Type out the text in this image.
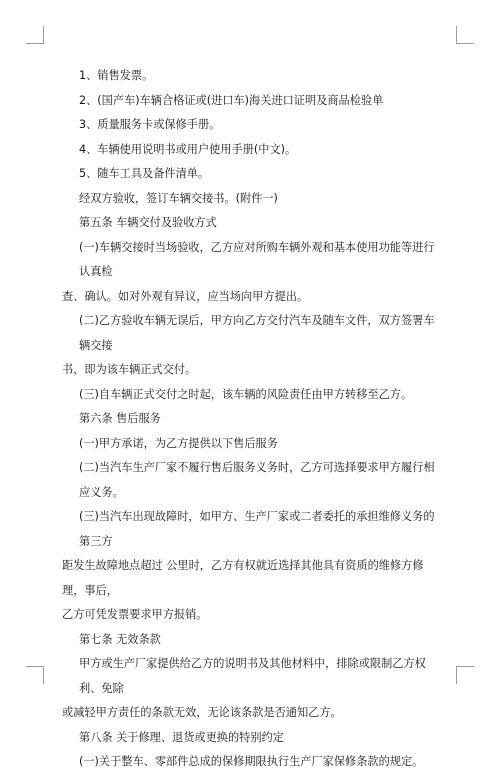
1、销售发票。

2、(国产车)车辆合格证或(进口车)海关进口证明及商品检验单

3、质量服务卡或保修手册。

4、车辆使用说明书或用户使用手册(中文)。

5、随车工具及备件清单。

经双方验收，签订车辆交接书。(附件一)

第五条 车辆交付及验收方式

(一)车辆交接时当场验收，乙方应对所购车辆外观和基本使用功能等进行认真检

查、确认。如对外观有异议，应当场向甲方提出。

(二)乙方验收车辆无误后，甲方向乙方交付汽车及随车文件，双方签署车辆交接

书，即为该车辆正式交付。

(三)自车辆正式交付之时起，该车辆的风险责任由甲方转移至乙方。

第六条 售后服务

(一)甲方承诺，为乙方提供以下售后服务

(二)当汽车生产厂家不履行售后服务义务时，乙方可选择要求甲方履行相应义务。

(三)当汽车出现故障时，如甲方、生产厂家或二者委托的承担维修义务的第三方

距发生故障地点超过 公里时，乙方有权就近选择其他具有资质的维修方修理，事后，

乙方可凭发票要求甲方报销。

第七条 无效条款

甲方或生产厂家提供给乙方的说明书及其他材料中，排除或限制乙方权利、免除

或减轻甲方责任的条款无效，无论该条款是否通知乙方。

第八条 关于修理、退货或更换的特别约定

(一)关于整车、零部件总成的保修期限执行生产厂家保修条款的规定。
